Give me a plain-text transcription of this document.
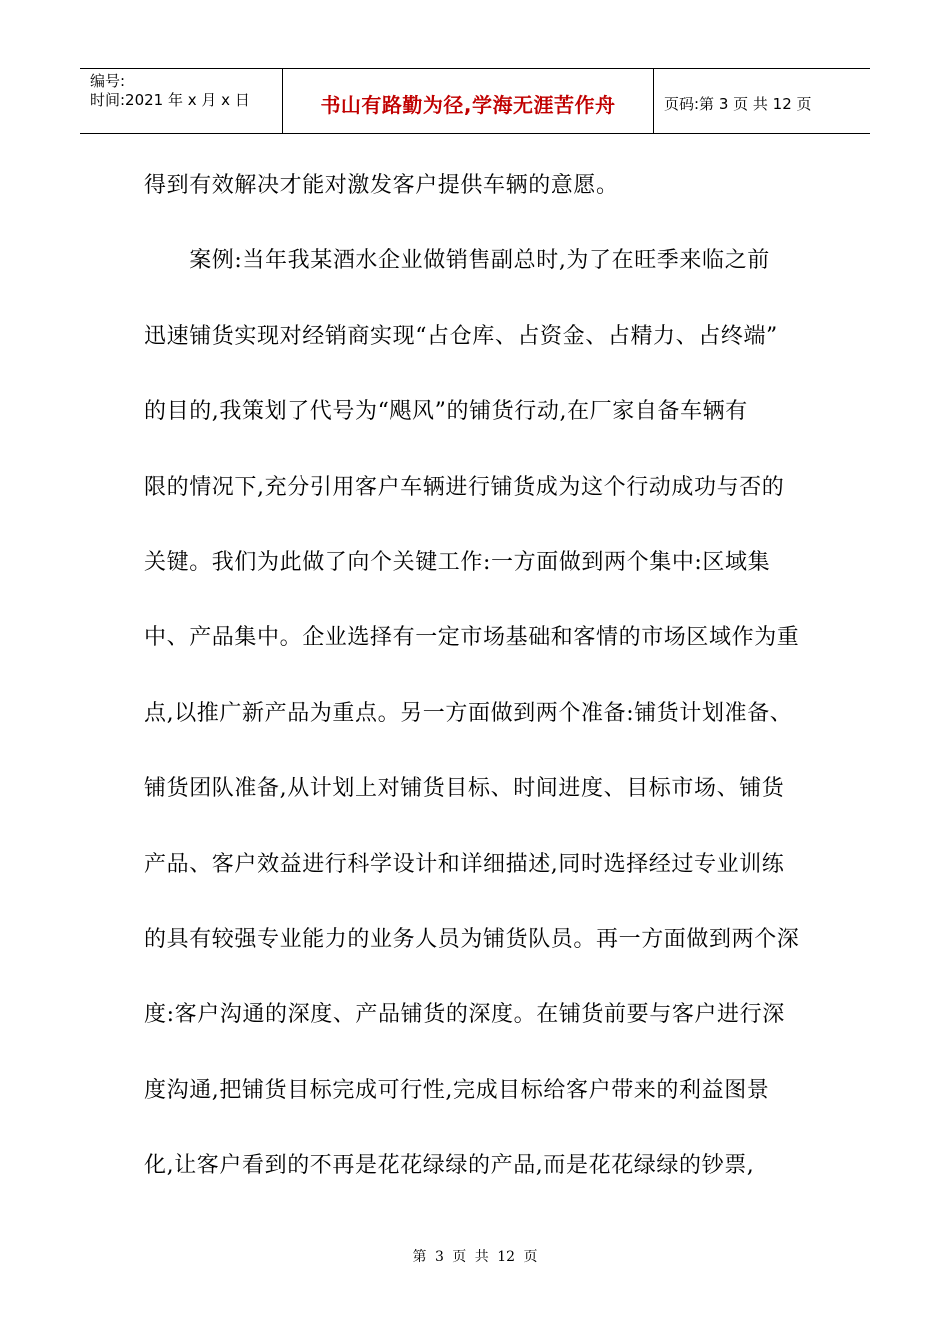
编号:
时间:2021 年 x 月 x 日	书山有路勤为径,学海无涯苦作舟	页码:第 3 页 共 12 页
得到有效解决才能对激发客户提供车辆的意愿。
　　案例:当年我某酒水企业做销售副总时,为了在旺季来临之前
迅速铺货实现对经销商实现“占仓库、占资金、占精力、占终端”
的目的,我策划了代号为“飓风”的铺货行动,在厂家自备车辆有
限的情况下,充分引用客户车辆进行铺货成为这个行动成功与否的
关键。我们为此做了向个关键工作:一方面做到两个集中:区域集
中、产品集中。企业选择有一定市场基础和客情的市场区域作为重
点,以推广新产品为重点。另一方面做到两个准备:铺货计划准备、
铺货团队准备,从计划上对铺货目标、时间进度、目标市场、铺货
产品、客户效益进行科学设计和详细描述,同时选择经过专业训练
的具有较强专业能力的业务人员为铺货队员。再一方面做到两个深
度:客户沟通的深度、产品铺货的深度。在铺货前要与客户进行深
度沟通,把铺货目标完成可行性,完成目标给客户带来的利益图景
化,让客户看到的不再是花花绿绿的产品,而是花花绿绿的钞票,
第 3 页 共 12 页
